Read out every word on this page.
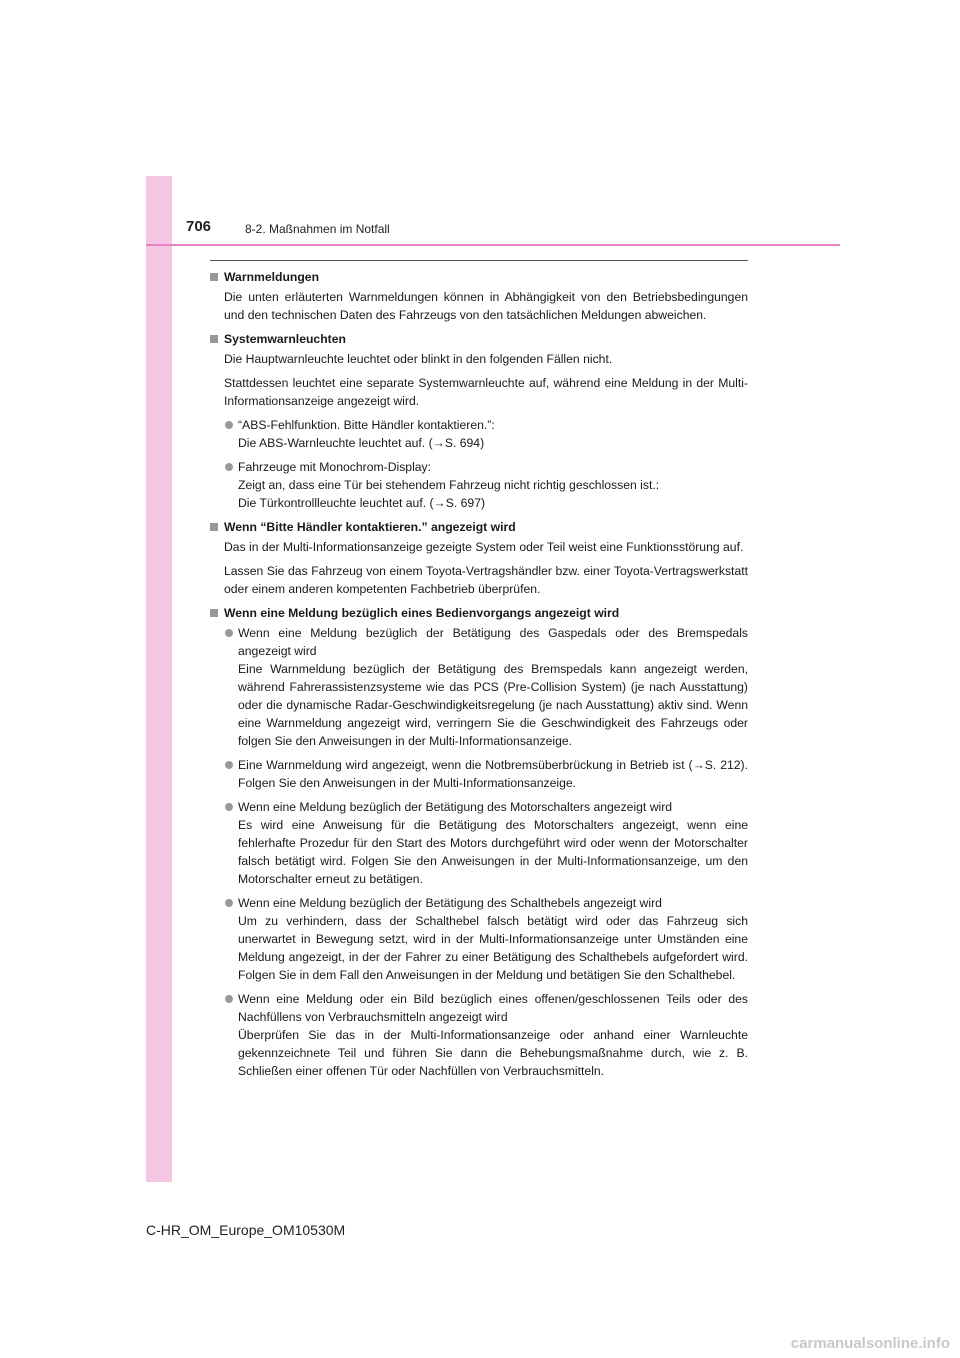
706	8-2. Maßnahmen im Notfall
Warnmeldungen

Die unten erläuterten Warnmeldungen können in Abhängigkeit von den Betriebsbedingungen und den technischen Daten des Fahrzeugs von den tatsächlichen Meldungen abweichen.

Systemwarnleuchten

Die Hauptwarnleuchte leuchtet oder blinkt in den folgenden Fällen nicht.

Stattdessen leuchtet eine separate Systemwarnleuchte auf, während eine Meldung in der Multi-Informationsanzeige angezeigt wird.

“ABS-Fehlfunktion. Bitte Händler kontaktieren.”:
Die ABS-Warnleuchte leuchtet auf. (→S. 694)
Fahrzeuge mit Monochrom-Display:
Zeigt an, dass eine Tür bei stehendem Fahrzeug nicht richtig geschlossen ist.:
Die Türkontrollleuchte leuchtet auf. (→S. 697)
Wenn “Bitte Händler kontaktieren.” angezeigt wird

Das in der Multi-Informationsanzeige gezeigte System oder Teil weist eine Funktionsstörung auf.

Lassen Sie das Fahrzeug von einem Toyota-Vertragshändler bzw. einer Toyota-Vertragswerkstatt oder einem anderen kompetenten Fachbetrieb überprüfen.

Wenn eine Meldung bezüglich eines Bedienvorgangs angezeigt wird
Wenn eine Meldung bezüglich der Betätigung des Gaspedals oder des Bremspedals angezeigt wird
Eine Warnmeldung bezüglich der Betätigung des Bremspedals kann angezeigt werden, während Fahrerassistenzsysteme wie das PCS (Pre-Collision System) (je nach Ausstattung) oder die dynamische Radar-Geschwindigkeitsregelung (je nach Ausstattung) aktiv sind. Wenn eine Warnmeldung angezeigt wird, verringern Sie die Geschwindigkeit des Fahrzeugs oder folgen Sie den Anweisungen in der Multi-Informationsanzeige.
Eine Warnmeldung wird angezeigt, wenn die Notbremsüberbrückung in Betrieb ist (→S. 212). Folgen Sie den Anweisungen in der Multi-Informationsanzeige.
Wenn eine Meldung bezüglich der Betätigung des Motorschalters angezeigt wird
Es wird eine Anweisung für die Betätigung des Motorschalters angezeigt, wenn eine fehlerhafte Prozedur für den Start des Motors durchgeführt wird oder wenn der Motorschalter falsch betätigt wird. Folgen Sie den Anweisungen in der Multi-Informationsanzeige, um den Motorschalter erneut zu betätigen.
Wenn eine Meldung bezüglich der Betätigung des Schalthebels angezeigt wird
Um zu verhindern, dass der Schalthebel falsch betätigt wird oder das Fahrzeug sich unerwartet in Bewegung setzt, wird in der Multi-Informationsanzeige unter Umständen eine Meldung angezeigt, in der der Fahrer zu einer Betätigung des Schalthebels aufgefordert wird. Folgen Sie in dem Fall den Anweisungen in der Meldung und betätigen Sie den Schalthebel.
Wenn eine Meldung oder ein Bild bezüglich eines offenen/geschlossenen Teils oder des Nachfüllens von Verbrauchsmitteln angezeigt wird
Überprüfen Sie das in der Multi-Informationsanzeige oder anhand einer Warnleuchte gekennzeichnete Teil und führen Sie dann die Behebungsmaßnahme durch, wie z. B. Schließen einer offenen Tür oder Nachfüllen von Verbrauchsmitteln.
C-HR_OM_Europe_OM10530M
carmanualsonline.info
